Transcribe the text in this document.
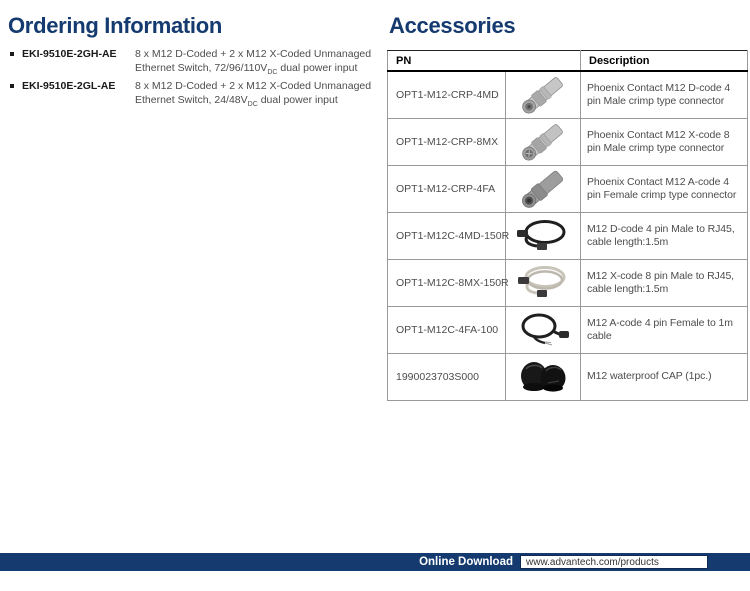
Ordering Information
EKI-9510E-2GH-AE 8 x M12 D-Coded + 2 x M12 X-Coded Unmanaged Ethernet Switch, $72/96/110V_{DC}$ dual power input
EKI-9510E-2GL-AE 8 x M12 D-Coded + 2 x M12 X-Coded Unmanaged Ethernet Switch, $24/48V_{DC}$ dual power input
Accessories
PN		Description
OPT1-M12-CRP-4MD		Phoenix Contact M12 D-code 4 pin Male crimp type connector
OPT1-M12-CRP-8MX		Phoenix Contact M12 X-code 8 pin Male crimp type connector
OPT1-M12-CRP-4FA		Phoenix Contact M12 A-code 4 pin Female crimp type connector
OPT1-M12C-4MD-150R		M12 D-code 4 pin Male to RJ45, cable length:1.5m
OPT1-M12C-8MX-150R		M12 X-code 8 pin Male to RJ45, cable length:1.5m
OPT1-M12C-4FA-100		M12 A-code 4 pin Female to 1m cable
1990023703S000		M12 waterproof CAP (1pc.)
Online Download	www.advantech.com/products
